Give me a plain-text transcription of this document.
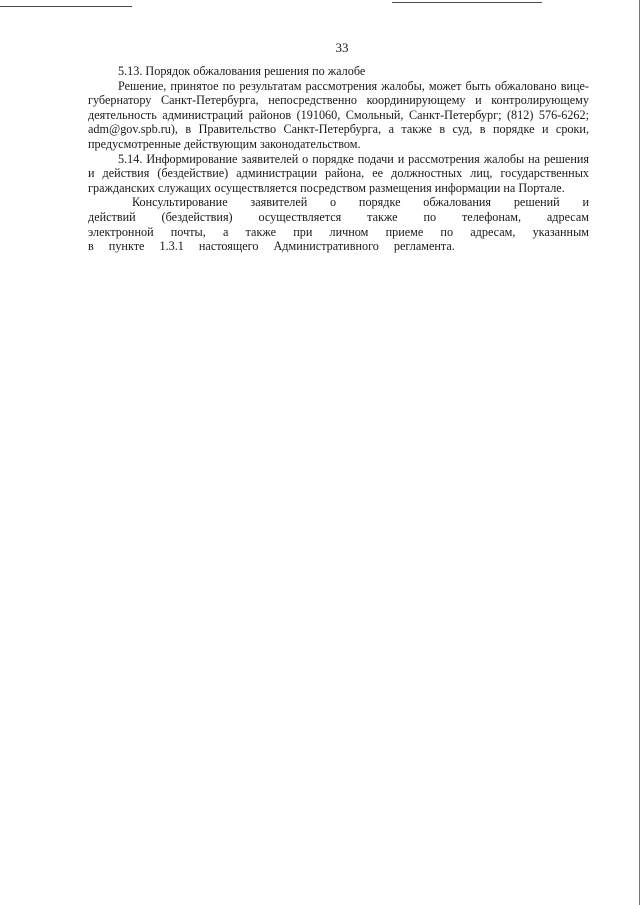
33

5.13. Порядок обжалования решения по жалобе

Решение, принятое по результатам рассмотрения жалобы, может быть обжаловано вице-губернатору Санкт-Петербурга, непосредственно координирующему и контролирующему деятельность администраций районов (191060, Смольный, Санкт-Петербург; (812) 576-6262; adm@gov.spb.ru), в Правительство Санкт-Петербурга, а также в суд, в порядке и сроки, предусмотренные действующим законодательством.

5.14. Информирование заявителей о порядке подачи и рассмотрения жалобы на решения и действия (бездействие) администрации района, ее должностных лиц, государственных гражданских служащих осуществляется посредством размещения информации на Портале.

Консультирование заявителей о порядке обжалования решений и действий (бездействия) осуществляется также по телефонам, адресам электронной почты, а также при личном приеме по адресам, указанным в пункте 1.3.1 настоящего Административного регламента.
